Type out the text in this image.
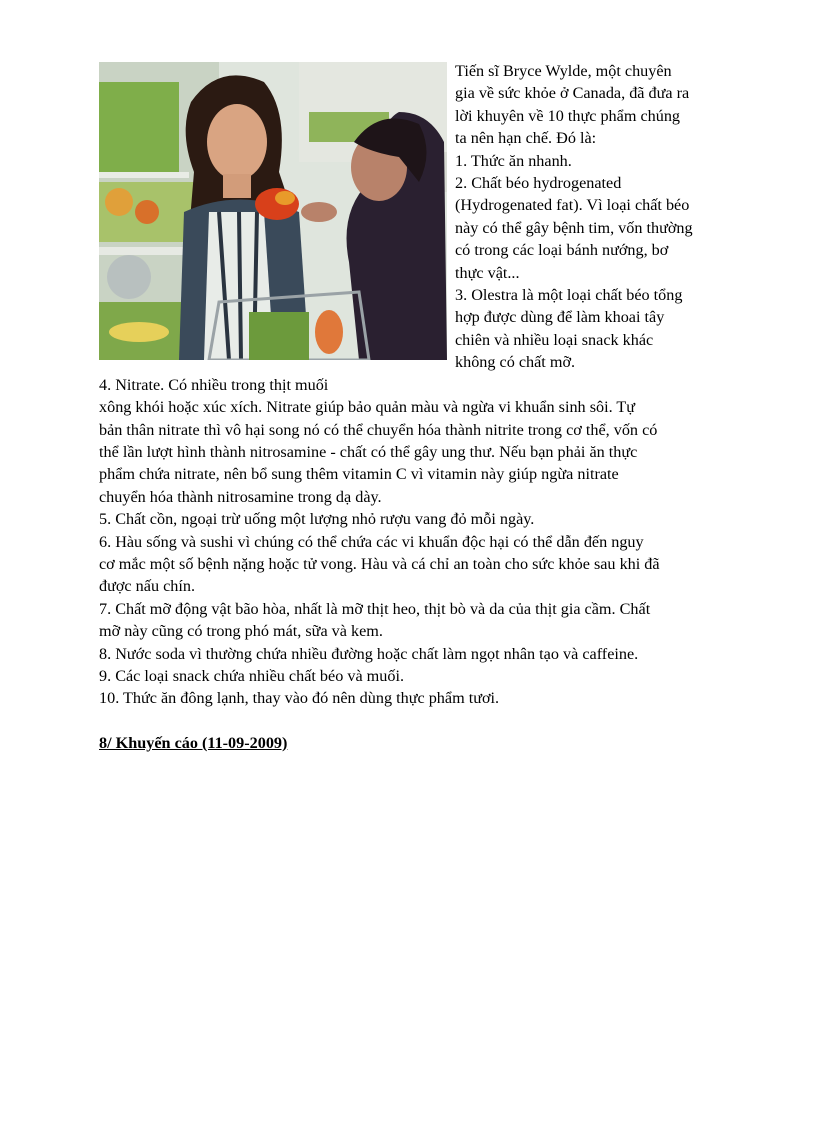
Tiến sĩ Bryce Wylde, một chuyên
gia về sức khỏe ở Canada, đã đưa ra
lời khuyên về 10 thực phẩm chúng
ta nên hạn chế. Đó là:
1. Thức ăn nhanh.
2. Chất béo hydrogenated
(Hydrogenated fat). Vì loại chất béo
này có thể gây bệnh tim, vốn thường
có trong các loại bánh nướng, bơ
thực vật...
3. Olestra là một loại chất béo tổng
hợp được dùng để làm khoai tây
chiên và nhiều loại snack khác
không có chất mỡ.
4. Nitrate. Có nhiều trong thịt muối
xông khói hoặc xúc xích. Nitrate giúp bảo quản màu và ngừa vi khuẩn sinh sôi. Tự
bản thân nitrate thì vô hại song nó có thể chuyển hóa thành nitrite trong cơ thể, vốn có
thể lần lượt hình thành nitrosamine - chất có thể gây ung thư. Nếu bạn phải ăn thực
phẩm chứa nitrate, nên bổ sung thêm vitamin C vì vitamin này giúp ngừa nitrate
chuyển hóa thành nitrosamine trong dạ dày.
5. Chất cồn, ngoại trừ uống một lượng nhỏ rượu vang đỏ mỗi ngày.
6. Hàu sống và sushi vì chúng có thể chứa các vi khuẩn độc hại có thể dẫn đến nguy
cơ mắc một số bệnh nặng hoặc tử vong. Hàu và cá chỉ an toàn cho sức khỏe sau khi đã
được nấu chín.
7. Chất mỡ động vật bão hòa, nhất là mỡ thịt heo, thịt bò và da của thịt gia cầm. Chất
mỡ này cũng có trong phó mát, sữa và kem.
8. Nước soda vì thường chứa nhiều đường hoặc chất làm ngọt nhân tạo và caffeine.
9. Các loại snack chứa nhiều chất béo và muối.
10. Thức ăn đông lạnh, thay vào đó nên dùng thực phẩm tươi.
8/ Khuyến cáo (11-09-2009)
